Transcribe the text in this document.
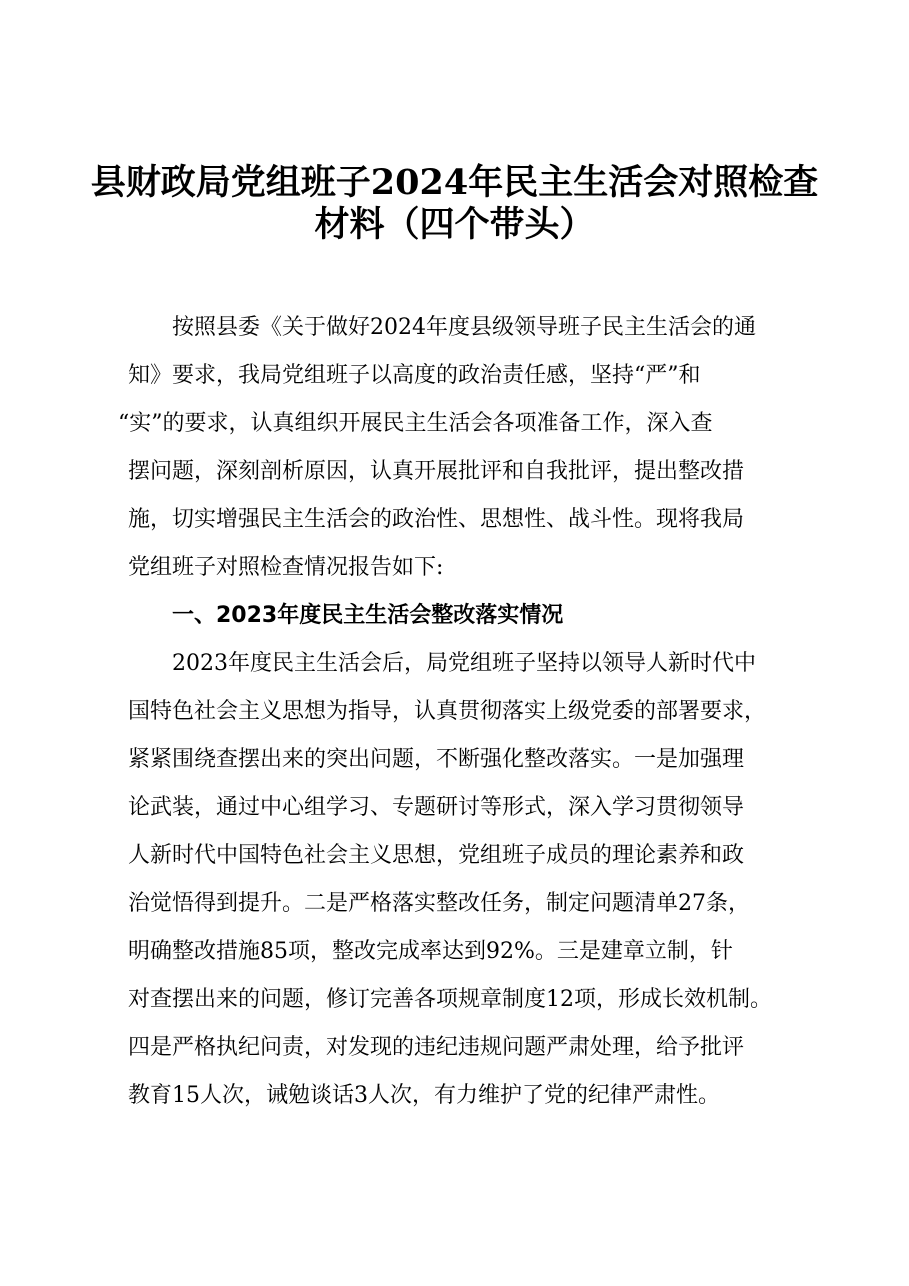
县财政局党组班子2024年民主生活会对照检查
材料（四个带头）
按照县委《关于做好2024年度县级领导班子民主生活会的通
知》要求，我局党组班子以高度的政治责任感，坚持“严”和
“实”的要求，认真组织开展民主生活会各项准备工作，深入查
摆问题，深刻剖析原因，认真开展批评和自我批评，提出整改措
施，切实增强民主生活会的政治性、思想性、战斗性。现将我局
党组班子对照检查情况报告如下:
一、2023年度民主生活会整改落实情况
2023年度民主生活会后，局党组班子坚持以领导人新时代中
国特色社会主义思想为指导，认真贯彻落实上级党委的部署要求，
紧紧围绕查摆出来的突出问题，不断强化整改落实。一是加强理
论武装，通过中心组学习、专题研讨等形式，深入学习贯彻领导
人新时代中国特色社会主义思想，党组班子成员的理论素养和政
治觉悟得到提升。二是严格落实整改任务，制定问题清单27条，
明确整改措施85项，整改完成率达到92%。三是建章立制，针
对查摆出来的问题，修订完善各项规章制度12项，形成长效机制。
四是严格执纪问责，对发现的违纪违规问题严肃处理，给予批评
教育15人次，诫勉谈话3人次，有力维护了党的纪律严肃性。
